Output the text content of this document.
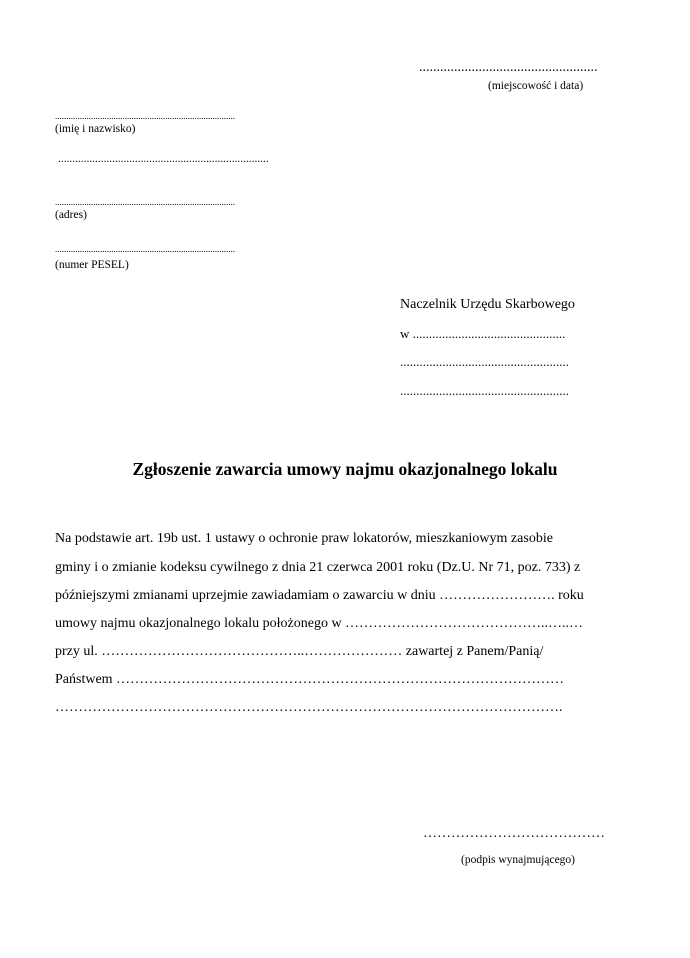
...................................................
(miejscowość i data)
................................................................................
(imię i nazwisko)
..........................................................................
................................................................................
(adres)
................................................................................
(numer PESEL)
Naczelnik Urzędu Skarbowego
w ...............................................
....................................................
....................................................
Zgłoszenie zawarcia umowy najmu okazjonalnego lokalu
Na podstawie art. 19b ust. 1 ustawy o ochronie praw lokatorów, mieszkaniowym zasobie
gminy i o zmianie kodeksu cywilnego z dnia 21 czerwca 2001 roku (Dz.U. Nr 71, poz. 733) z
późniejszymi zmianami uprzejmie zawiadamiam o zawarciu w dniu ……………………. roku
umowy najmu okazjonalnego lokalu położonego w ……………………………………..…..…
przy ul. ……………………………………..………………… zawartej z Panem/Panią/
Państwem ……………………………………………………………………………………
……………………………………………………………………………………………….
…………………………………
(podpis wynajmującego)
